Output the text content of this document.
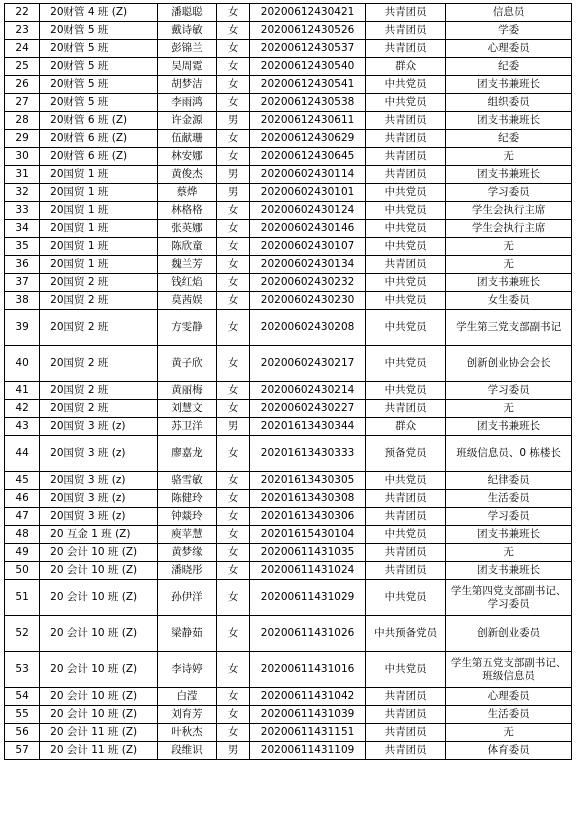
22	20财管 4 班 (Z)	潘聪聪	女	20200612430421	共青团员	信息员
23	20财管 5 班	戴诗敏	女	20200612430526	共青团员	学委
24	20财管 5 班	彭锦兰	女	20200612430537	共青团员	心理委员
25	20财管 5 班	吴周霓	女	20200612430540	群众	纪委
26	20财管 5 班	胡梦洁	女	20200612430541	中共党员	团支书兼班长
27	20财管 5 班	李雨鸿	女	20200612430538	中共党员	组织委员
28	20财管 6 班 (Z)	许金源	男	20200612430611	共青团员	团支书兼班长
29	20财管 6 班 (Z)	伍献珊	女	20200612430629	共青团员	纪委
30	20财管 6 班 (Z)	林安娜	女	20200612430645	共青团员	无
31	20国贸 1 班	黄俊杰	男	20200602430114	共青团员	团支书兼班长
32	20国贸 1 班	蔡烨	男	20200602430101	中共党员	学习委员
33	20国贸 1 班	林格格	女	20200602430124	中共党员	学生会执行主席
34	20国贸 1 班	张英娜	女	20200602430146	中共党员	学生会执行主席
35	20国贸 1 班	陈欣童	女	20200602430107	中共党员	无
36	20国贸 1 班	魏兰芳	女	20200602430134	共青团员	无
37	20国贸 2 班	钱红焰	女	20200602430232	中共党员	团支书兼班长
38	20国贸 2 班	莫茜娱	女	20200602430230	中共党员	女生委员
39	20国贸 2 班	方雯静	女	20200602430208	中共党员	学生第三党支部副书记
40	20国贸 2 班	黄子欣	女	20200602430217	中共党员	创新创业协会会长
41	20国贸 2 班	黄丽梅	女	20200602430214	中共党员	学习委员
42	20国贸 2 班	刘慧文	女	20200602430227	共青团员	无
43	20国贸 3 班 (z)	苏卫洋	男	20201613430344	群众	团支书兼班长
44	20国贸 3 班 (z)	廖嘉龙	女	20201613430333	预备党员	班级信息员、0 栋楼长
45	20国贸 3 班 (z)	骆雪敏	女	20201613430305	中共党员	纪律委员
46	20国贸 3 班 (z)	陈健玲	女	20201613430308	共青团员	生活委员
47	20国贸 3 班 (z)	钟燚玲	女	20201613430306	共青团员	学习委员
48	20 互金 1 班 (Z)	庾苹慧	女	20201615430104	中共党员	团支书兼班长
49	20 会计 10 班 (Z)	黄梦缘	女	20200611431035	共青团员	无
50	20 会计 10 班 (Z)	潘晓彤	女	20200611431024	共青团员	团支书兼班长
51	20 会计 10 班 (Z)	孙伊洋	女	20200611431029	中共党员	学生第四党支部副书记、学习委员
52	20 会计 10 班 (Z)	梁静茹	女	20200611431026	中共预备党员	创新创业委员
53	20 会计 10 班 (Z)	李诗婷	女	20200611431016	中共党员	学生第五党支部副书记、班级信息员
54	20 会计 10 班 (Z)	白滢	女	20200611431042	共青团员	心理委员
55	20 会计 10 班 (Z)	刘育芳	女	20200611431039	共青团员	生活委员
56	20 会计 11 班 (Z)	叶秋杰	女	20200611431151	共青团员	无
57	20 会计 11 班 (Z)	段维识	男	20200611431109	共青团员	体育委员
